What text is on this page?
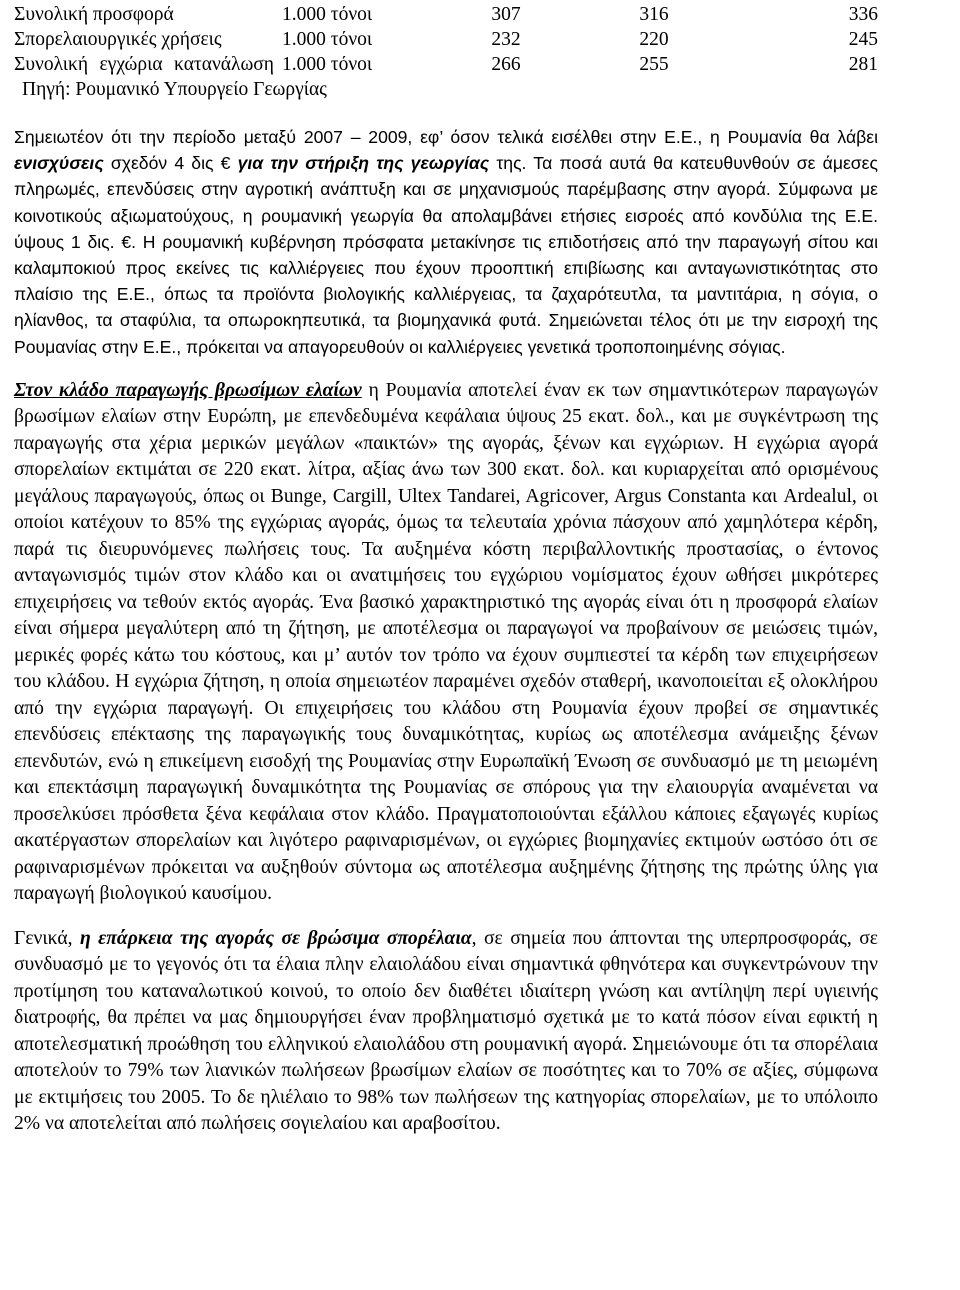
Συνολική προσφορά	1.000 τόνοι	307	316	336
Σπορελαιουργικές χρήσεις	1.000 τόνοι	232	220	245
Συνολική εγχώρια κατανάλωση	1.000 τόνοι	266	255	281
Πηγή: Ρουμανικό Υπουργείο Γεωργίας

Σημειωτέον ότι την περίοδο μεταξύ 2007 – 2009, εφ’ όσον τελικά εισέλθει στην Ε.Ε., η Ρουμανία θα λάβει ενισχύσεις σχεδόν 4 δις € για την στήριξη της γεωργίας της. Τα ποσά αυτά θα κατευθυνθούν σε άμεσες πληρωμές, επενδύσεις στην αγροτική ανάπτυξη και σε μηχανισμούς παρέμβασης στην αγορά. Σύμφωνα με κοινοτικούς αξιωματούχους, η ρουμανική γεωργία θα απολαμβάνει ετήσιες εισροές από κονδύλια της Ε.Ε. ύψους 1 δις. €. Η ρουμανική κυβέρνηση πρόσφατα μετακίνησε τις επιδοτήσεις από την παραγωγή σίτου και καλαμποκιού προς εκείνες τις καλλιέργειες που έχουν προοπτική επιβίωσης και ανταγωνιστικότητας στο πλαίσιο της Ε.Ε., όπως τα προϊόντα βιολογικής καλλιέργειας, τα ζαχαρότευτλα, τα μαντιτάρια, η σόγια, ο ηλίανθος, τα σταφύλια, τα οπωροκηπευτικά, τα βιομηχανικά φυτά. Σημειώνεται τέλος ότι με την εισροχή της Ρουμανίας στην Ε.Ε., πρόκειται να απαγορευθούν οι καλλιέργειες γενετικά τροποποιημένης σόγιας.

Στον κλάδο παραγωγής βρωσίμων ελαίων η Ρουμανία αποτελεί έναν εκ των σημαντικότερων παραγωγών βρωσίμων ελαίων στην Ευρώπη, με επενδεδυμένα κεφάλαια ύψους 25 εκατ. δολ., και με συγκέντρωση της παραγωγής στα χέρια μερικών μεγάλων «παικτών» της αγοράς, ξένων και εγχώριων. Η εγχώρια αγορά σπορελαίων εκτιμάται σε 220 εκατ. λίτρα, αξίας άνω των 300 εκατ. δολ. και κυριαρχείται από ορισμένους μεγάλους παραγωγούς, όπως οι Bunge, Cargill, Ultex Tandarei, Agricover, Argus Constanta και Ardealul, οι οποίοι κατέχουν το 85% της εγχώριας αγοράς, όμως τα τελευταία χρόνια πάσχουν από χαμηλότερα κέρδη, παρά τις διευρυνόμενες πωλήσεις τους. Τα αυξημένα κόστη περιβαλλοντικής προστασίας, ο έντονος ανταγωνισμός τιμών στον κλάδο και οι ανατιμήσεις του εγχώριου νομίσματος έχουν ωθήσει μικρότερες επιχειρήσεις να τεθούν εκτός αγοράς. Ένα βασικό χαρακτηριστικό της αγοράς είναι ότι η προσφορά ελαίων είναι σήμερα μεγαλύτερη από τη ζήτηση, με αποτέλεσμα οι παραγωγοί να προβαίνουν σε μειώσεις τιμών, μερικές φορές κάτω του κόστους, και μ’ αυτόν τον τρόπο να έχουν συμπιεστεί τα κέρδη των επιχειρήσεων του κλάδου. Η εγχώρια ζήτηση, η οποία σημειωτέον παραμένει σχεδόν σταθερή, ικανοποιείται εξ ολοκλήρου από την εγχώρια παραγωγή. Οι επιχειρήσεις του κλάδου στη Ρουμανία έχουν προβεί σε σημαντικές επενδύσεις επέκτασης της παραγωγικής τους δυναμικότητας, κυρίως ως αποτέλεσμα ανάμειξης ξένων επενδυτών, ενώ η επικείμενη εισοδχή της Ρουμανίας στην Ευρωπαϊκή Ένωση σε συνδυασμό με τη μειωμένη και επεκτάσιμη παραγωγική δυναμικότητα της Ρουμανίας σε σπόρους για την ελαιουργία αναμένεται να προσελκύσει πρόσθετα ξένα κεφάλαια στον κλάδο. Πραγματοποιούνται εξάλλου κάποιες εξαγωγές κυρίως ακατέργαστων σπορελαίων και λιγότερο ραφιναρισμένων, οι εγχώριες βιομηχανίες εκτιμούν ωστόσο ότι σε ραφιναρισμένων πρόκειται να αυξηθούν σύντομα ως αποτέλεσμα αυξημένης ζήτησης της πρώτης ύλης για παραγωγή βιολογικού καυσίμου.

Γενικά, η επάρκεια της αγοράς σε βρώσιμα σπορέλαια, σε σημεία που άπτονται της υπερπροσφοράς, σε συνδυασμό με το γεγονός ότι τα έλαια πλην ελαιολάδου είναι σημαντικά φθηνότερα και συγκεντρώνουν την προτίμηση του καταναλωτικού κοινού, το οποίο δεν διαθέτει ιδιαίτερη γνώση και αντίληψη περί υγιεινής διατροφής, θα πρέπει να μας δημιουργήσει έναν προβληματισμό σχετικά με το κατά πόσον είναι εφικτή η αποτελεσματική προώθηση του ελληνικού ελαιολάδου στη ρουμανική αγορά. Σημειώνουμε ότι τα σπορέλαια αποτελούν το 79% των λιανικών πωλήσεων βρωσίμων ελαίων σε ποσότητες και το 70% σε αξίες, σύμφωνα με εκτιμήσεις του 2005. Το δε ηλιέλαιο το 98% των πωλήσεων της κατηγορίας σπορελαίων, με το υπόλοιπο 2% να αποτελείται από πωλήσεις σογιελαίου και αραβοσίτου.
